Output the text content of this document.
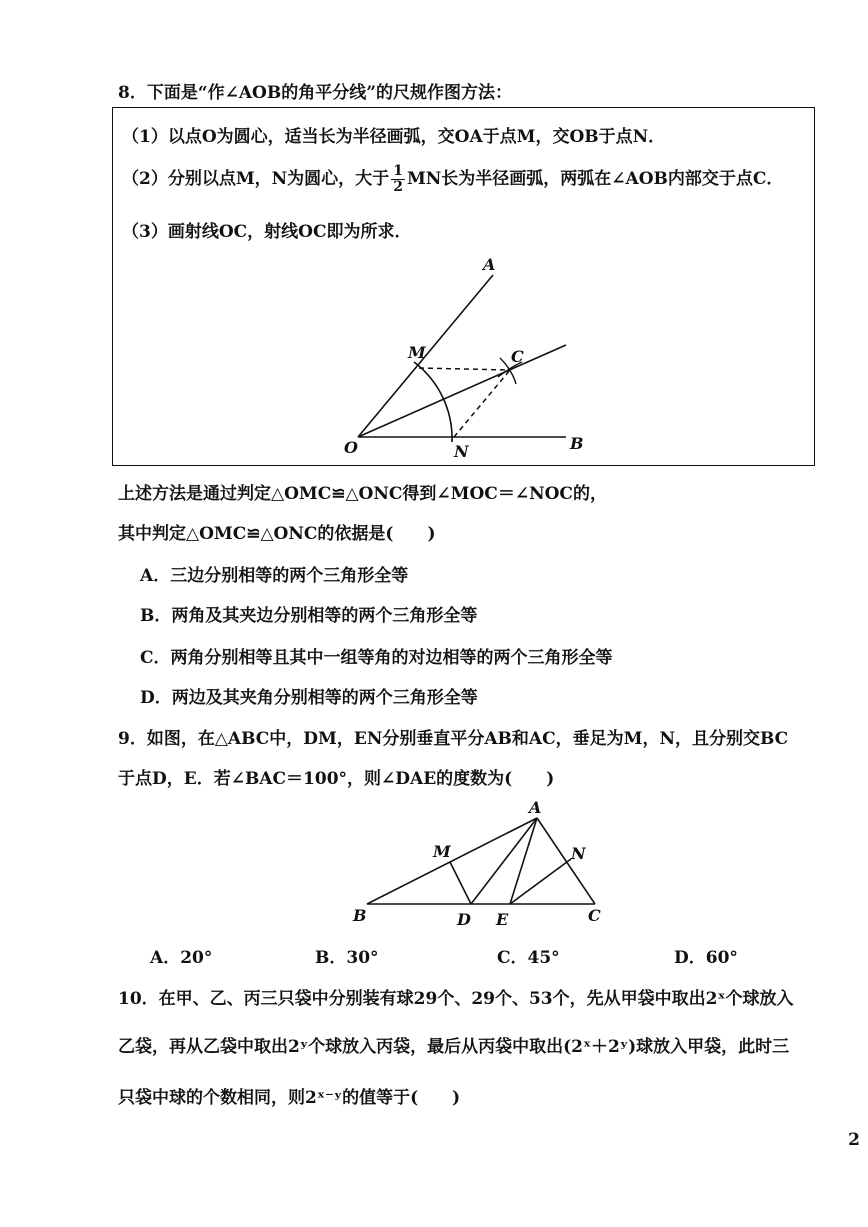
8．下面是“作∠AOB的角平分线”的尺规作图方法：
（1）以点O为圆心，适当长为半径画弧，交OA于点M，交OB于点N．
（2）分别以点M，N为圆心，大于 $\frac{1}{2}$ MN长为半径画弧，两弧在∠AOB内部交于点C．
（3）画射线OC，射线OC即为所求．
A
M	C
O	N	B
上述方法是通过判定△OMC≌△ONC得到∠MOC＝∠NOC的，
其中判定△OMC≌△ONC的依据是(　　)
A．三边分别相等的两个三角形全等
B．两角及其夹边分别相等的两个三角形全等
C．两角分别相等且其中一组等角的对边相等的两个三角形全等
D．两边及其夹角分别相等的两个三角形全等
9．如图，在△ABC中，DM，EN分别垂直平分AB和AC，垂足为M，N，且分别交BC
于点D，E．若∠BAC＝100°，则∠DAE的度数为(　　)
A
M	N
B	D E	C
A．20°	B．30°	C．45°	D．60°
10．在甲、乙、丙三只袋中分别装有球29个、29个、53个，先从甲袋中取出2ˣ个球放入
乙袋，再从乙袋中取出2ʸ个球放入丙袋，最后从丙袋中取出(2ˣ＋2ʸ)球放入甲袋，此时三
只袋中球的个数相同，则2ˣ⁻ʸ的值等于(　　)
2
